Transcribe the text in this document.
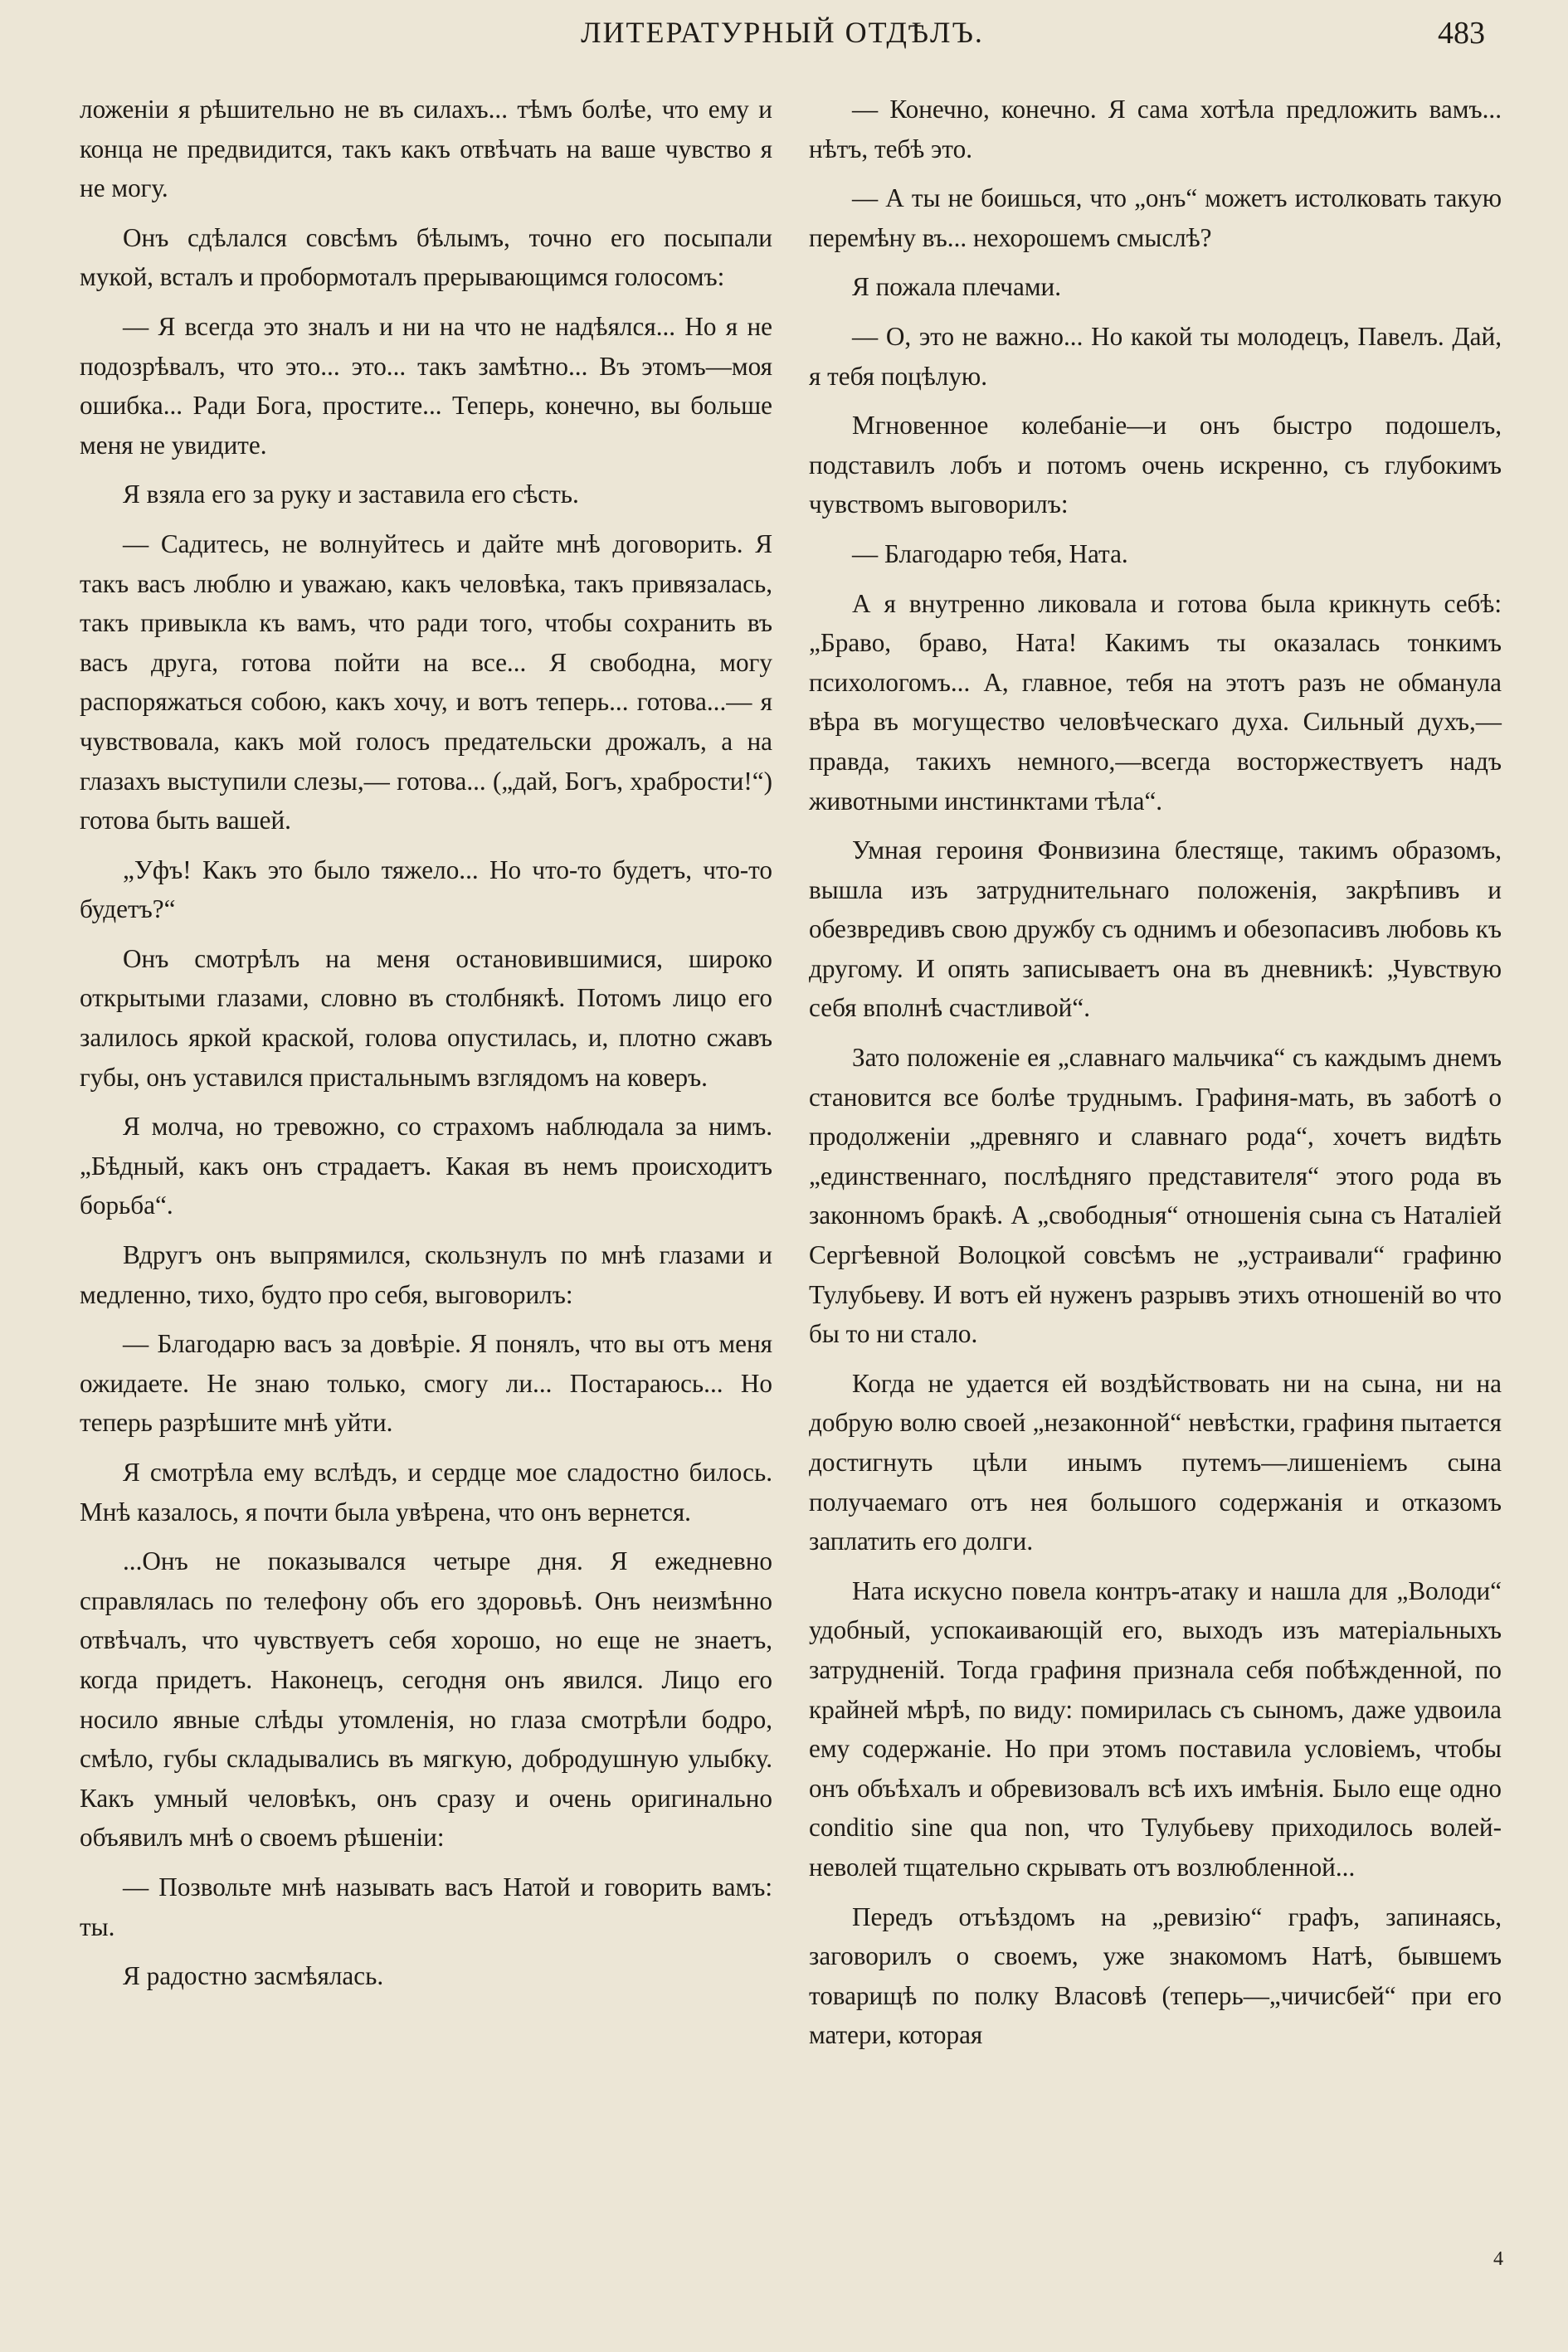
ЛИТЕРАТУРНЫЙ ОТДѢЛЪ.	483

ложеніи я рѣшительно не въ силахъ... тѣмъ болѣе, что ему и конца не предвидится, такъ какъ отвѣчать на ваше чувство я не могу.

Онъ сдѣлался совсѣмъ бѣлымъ, точно его посыпали мукой, всталъ и пробормоталъ прерывающимся голосомъ:

— Я всегда это зналъ и ни на что не надѣялся... Но я не подозрѣвалъ, что это... это... такъ замѣтно... Въ этомъ—моя ошибка... Ради Бога, простите... Теперь, конечно, вы больше меня не увидите.

Я взяла его за руку и заставила его сѣсть.

— Садитесь, не волнуйтесь и дайте мнѣ договорить. Я такъ васъ люблю и уважаю, какъ человѣка, такъ привязалась, такъ привыкла къ вамъ, что ради того, чтобы сохранить въ васъ друга, готова пойти на все... Я свободна, могу распоряжаться собою, какъ хочу, и вотъ теперь... готова...— я чувствовала, какъ мой голосъ предательски дрожалъ, а на глазахъ выступили слезы,— готова... („дай, Богъ, храбрости!“) готова быть вашей.

„Уфъ! Какъ это было тяжело... Но что-то будетъ, что-то будетъ?“

Онъ смотрѣлъ на меня остановившимися, широко открытыми глазами, словно въ столбнякѣ. Потомъ лицо его залилось яркой краской, голова опустилась, и, плотно сжавъ губы, онъ уставился пристальнымъ взглядомъ на коверъ.

Я молча, но тревожно, со страхомъ наблюдала за нимъ. „Бѣдный, какъ онъ страдаетъ. Какая въ немъ происходитъ борьба“.

Вдругъ онъ выпрямился, скользнулъ по мнѣ глазами и медленно, тихо, будто про себя, выговорилъ:

— Благодарю васъ за довѣріе. Я понялъ, что вы отъ меня ожидаете. Не знаю только, смогу ли... Постараюсь... Но теперь разрѣшите мнѣ уйти.

Я смотрѣла ему вслѣдъ, и сердце мое сладостно билось. Мнѣ казалось, я почти была увѣрена, что онъ вернется.

...Онъ не показывался четыре дня. Я ежедневно справлялась по телефону объ его здоровьѣ. Онъ неизмѣнно отвѣчалъ, что чувствуетъ себя хорошо, но еще не знаетъ, когда придетъ. Наконецъ, сегодня онъ явился. Лицо его носило явные слѣды утомленія, но глаза смотрѣли бодро, смѣло, губы складывались въ мягкую, добродушную улыбку. Какъ умный человѣкъ, онъ сразу и очень оригинально объявилъ мнѣ о своемъ рѣшеніи:

— Позвольте мнѣ называть васъ Натой и говорить вамъ: ты.

Я радостно засмѣялась.

— Конечно, конечно. Я сама хотѣла предложить вамъ... нѣтъ, тебѣ это.

— А ты не боишься, что „онъ“ можетъ истолковать такую перемѣну въ... нехорошемъ смыслѣ?

Я пожала плечами.

— О, это не важно... Но какой ты молодецъ, Павелъ. Дай, я тебя поцѣлую.

Мгновенное колебаніе—и онъ быстро подошелъ, подставилъ лобъ и потомъ очень искренно, съ глубокимъ чувствомъ выговорилъ:

— Благодарю тебя, Ната.

А я внутренно ликовала и готова была крикнуть себѣ: „Браво, браво, Ната! Какимъ ты оказалась тонкимъ психологомъ... А, главное, тебя на этотъ разъ не обманула вѣра въ могущество человѣческаго духа. Сильный духъ,— правда, такихъ немного,—всегда восторжествуетъ надъ животными инстинктами тѣла“.

Умная героиня Фонвизина блестяще, такимъ образомъ, вышла изъ затруднительнаго положенія, закрѣпивъ и обезвредивъ свою дружбу съ однимъ и обезопасивъ любовь къ другому. И опять записываетъ она въ дневникѣ: „Чувствую себя вполнѣ счастливой“.

Зато положеніе ея „славнаго мальчика“ съ каждымъ днемъ становится все болѣе труднымъ. Графиня-мать, въ заботѣ о продолженіи „древняго и славнаго рода“, хочетъ видѣть „единственнаго, послѣдняго представителя“ этого рода въ законномъ бракѣ. А „свободныя“ отношенія сына съ Наталіей Сергѣевной Волоцкой совсѣмъ не „устраивали“ графиню Тулубьеву. И вотъ ей нуженъ разрывъ этихъ отношеній во что бы то ни стало.

Когда не удается ей воздѣйствовать ни на сына, ни на добрую волю своей „незаконной“ невѣстки, графиня пытается достигнуть цѣли инымъ путемъ—лишеніемъ сына получаемаго отъ нея большого содержанія и отказомъ заплатить его долги.

Ната искусно повела контръ-атаку и нашла для „Володи“ удобный, успокаивающій его, выходъ изъ матеріальныхъ затрудненій. Тогда графиня признала себя побѣжденной, по крайней мѣрѣ, по виду: помирилась съ сыномъ, даже удвоила ему содержаніе. Но при этомъ поставила условіемъ, чтобы онъ объѣхалъ и обревизовалъ всѣ ихъ имѣнія. Было еще одно conditio sine qua non, что Тулубьеву приходилось волей-неволей тщательно скрывать отъ возлюбленной...

Передъ отъѣздомъ на „ревизію“ графъ, запинаясь, заговорилъ о своемъ, уже знакомомъ Натѣ, бывшемъ товарищѣ по полку Власовѣ (теперь—„чичисбей“ при его матери, которая

4
